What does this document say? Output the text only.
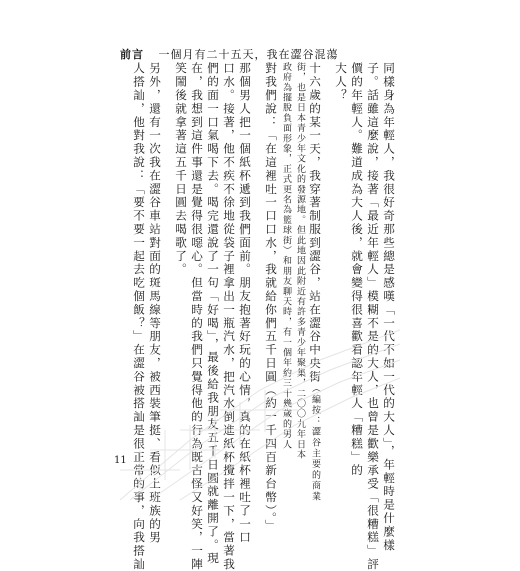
前言 一個月有二十五天，我在澀谷混蕩
同樣身為年輕人，我很好奇那些總是感嘆「一代不如一代的大人」，年輕時是什麼樣
子。話雖這麼說，接著「最近年輕人」模糊不是的大人，也曾是歡樂承受「很糟糕」評
價的年輕人。難道成為大人後，就會變得很喜歡看認年輕人「糟糕」的
大人？
十六歲的某一天，我穿著制服到澀谷，站在澀谷中央街（編按：澀谷主要的商業
街，也是日本青少年文化的發源地。但此地因此附近有許多青少年聚集，二〇〇九年日本
政府為擺脫負面形象，正式更名為籃球街）和朋友聊天時，有一個年約三十幾歲的男人
對我們說：「在這裡吐一口口水，我就給你們五千日圓（約一千四百新台幣）。」
那個男人把一個紙杯遞到我們面前。朋友抱著好玩的心情，真的在紙杯裡吐了一口
口水。接著，他不疾不徐地從袋子裡拿出一瓶汽水，把汽水倒進紙杯攪拌一下，當著我
們的面一口氣喝下去。喝完還說了一句「好喝」，最後給我朋友五千日圓就離開了。現
在，我想到這件事還是覺得很噁心。但當時的我們只覺得他的行為既古怪又好笑，一陣
笑鬧後就拿著這五千日圓去喝歌了。
另外，還有一次我在澀谷車站對面的斑馬線等朋友，被西裝筆挺、看似上班族的男
人搭訕，他對我說：「要不要一起去吃個飯？」在澀谷被搭訕是很正常的事，向我搭訕
11
